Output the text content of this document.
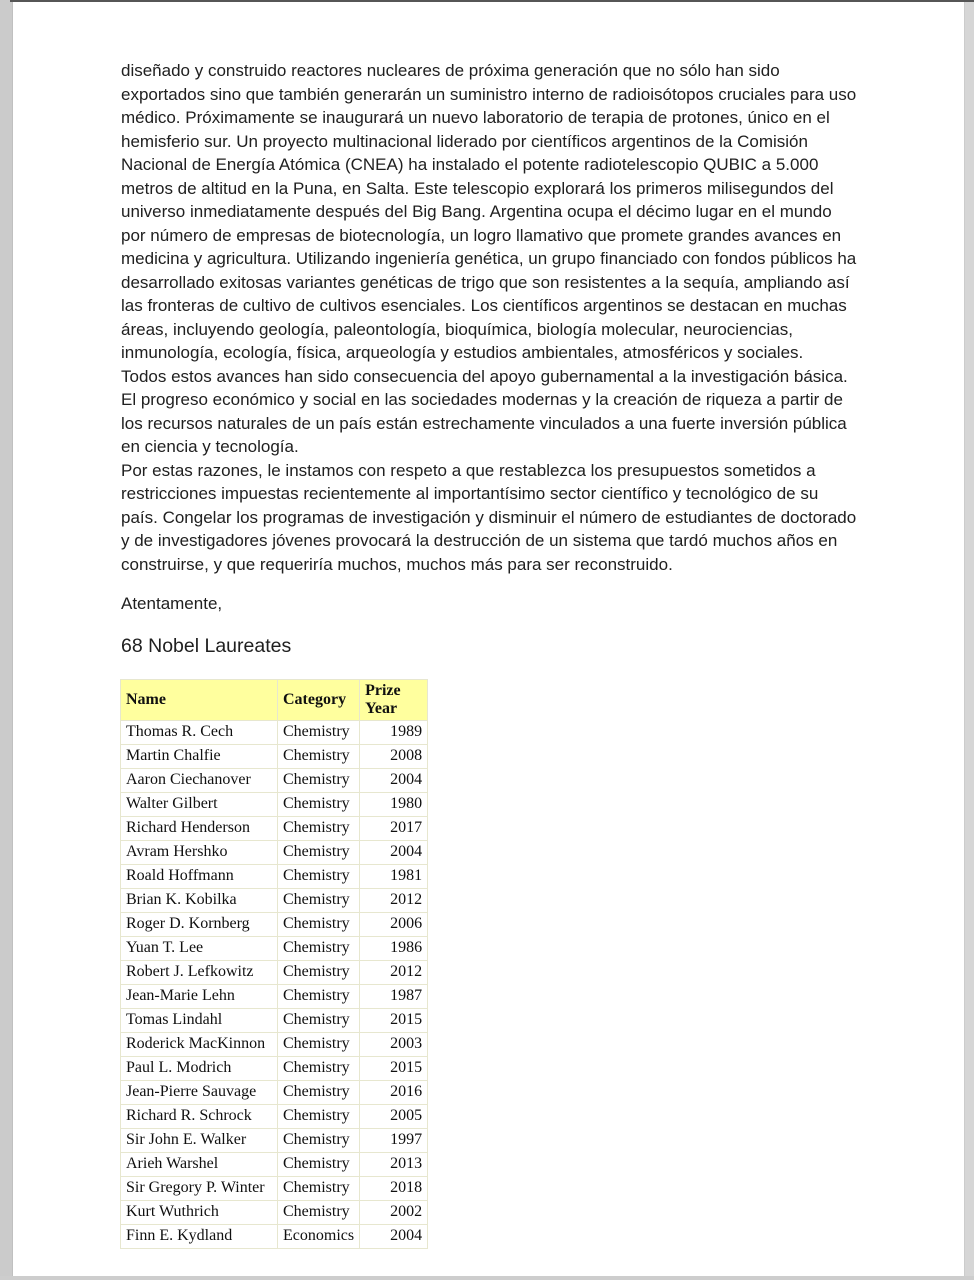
diseñado y construido reactores nucleares de próxima generación que no sólo han sido exportados sino que también generarán un suministro interno de radioisótopos cruciales para uso médico. Próximamente se inaugurará un nuevo laboratorio de terapia de protones, único en el hemisferio sur. Un proyecto multinacional liderado por científicos argentinos de la Comisión Nacional de Energía Atómica (CNEA) ha instalado el potente radiotelescopio QUBIC a 5.000 metros de altitud en la Puna, en Salta. Este telescopio explorará los primeros milisegundos del universo inmediatamente después del Big Bang. Argentina ocupa el décimo lugar en el mundo por número de empresas de biotecnología, un logro llamativo que promete grandes avances en medicina y agricultura. Utilizando ingeniería genética, un grupo financiado con fondos públicos ha desarrollado exitosas variantes genéticas de trigo que son resistentes a la sequía, ampliando así las fronteras de cultivo de cultivos esenciales. Los científicos argentinos se destacan en muchas áreas, incluyendo geología, paleontología, bioquímica, biología molecular, neurociencias, inmunología, ecología, física, arqueología y estudios ambientales, atmosféricos y sociales.

Todos estos avances han sido consecuencia del apoyo gubernamental a la investigación básica. El progreso económico y social en las sociedades modernas y la creación de riqueza a partir de los recursos naturales de un país están estrechamente vinculados a una fuerte inversión pública en ciencia y tecnología.

Por estas razones, le instamos con respeto a que restablezca los presupuestos sometidos a restricciones impuestas recientemente al importantísimo sector científico y tecnológico de su país. Congelar los programas de investigación y disminuir el número de estudiantes de doctorado y de investigadores jóvenes provocará la destrucción de un sistema que tardó muchos años en construirse, y que requeriría muchos, muchos más para ser reconstruido.

Atentamente,

68 Nobel Laureates
Name	Category	Prize Year
Thomas R. Cech	Chemistry	1989
Martin Chalfie	Chemistry	2008
Aaron Ciechanover	Chemistry	2004
Walter Gilbert	Chemistry	1980
Richard Henderson	Chemistry	2017
Avram Hershko	Chemistry	2004
Roald Hoffmann	Chemistry	1981
Brian K. Kobilka	Chemistry	2012
Roger D. Kornberg	Chemistry	2006
Yuan T. Lee	Chemistry	1986
Robert J. Lefkowitz	Chemistry	2012
Jean-Marie Lehn	Chemistry	1987
Tomas Lindahl	Chemistry	2015
Roderick MacKinnon	Chemistry	2003
Paul L. Modrich	Chemistry	2015
Jean-Pierre Sauvage	Chemistry	2016
Richard R. Schrock	Chemistry	2005
Sir John E. Walker	Chemistry	1997
Arieh Warshel	Chemistry	2013
Sir Gregory P. Winter	Chemistry	2018
Kurt Wuthrich	Chemistry	2002
Finn E. Kydland	Economics	2004
